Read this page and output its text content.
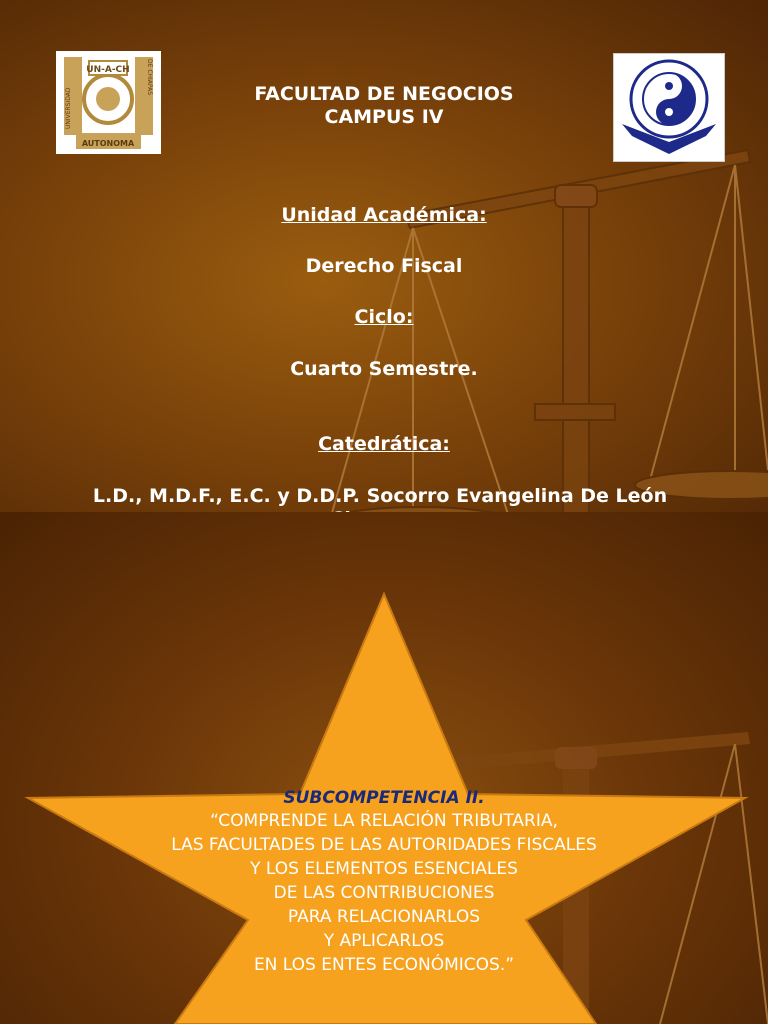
UN-A-CH
AUTONOMA
UNIVERSIDAD
DE CHIAPAS	FACULTAD DE NEGOCIOS
CAMPUS IV
Unidad Académica:
Derecho Fiscal
Ciclo:
Cuarto Semestre.
Catedrática:
L.D., M.D.F., E.C. y D.D.P. Socorro Evangelina De León
SUBCOMPETENCIA II.
“COMPRENDE LA RELACIÓN TRIBUTARIA,
LAS FACULTADES DE LAS AUTORIDADES FISCALES
Y LOS ELEMENTOS ESENCIALES
DE LAS CONTRIBUCIONES
PARA RELACIONARLOS
Y APLICARLOS
EN LOS ENTES ECONÓMICOS.”
